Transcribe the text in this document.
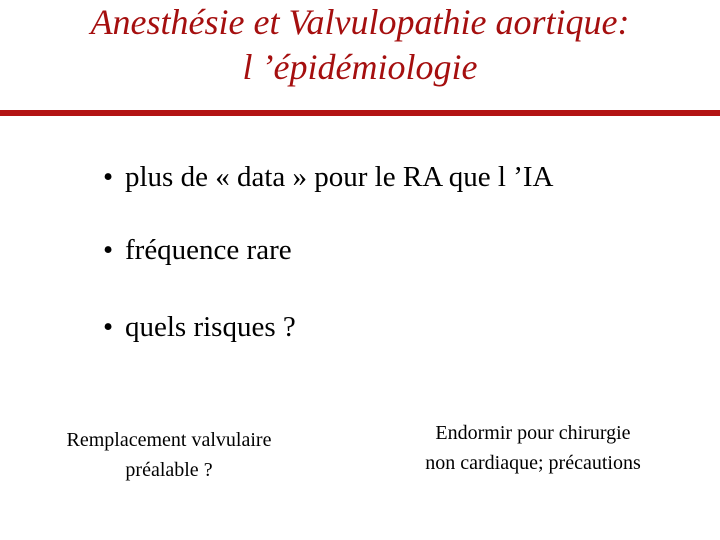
Anesthésie et Valvulopathie aortique:
l ’épidémiologie
• plus de « data » pour le RA que l ’IA
• fréquence rare
• quels risques ?
Remplacement valvulaire
préalable ?
Endormir pour chirurgie
non cardiaque; précautions
